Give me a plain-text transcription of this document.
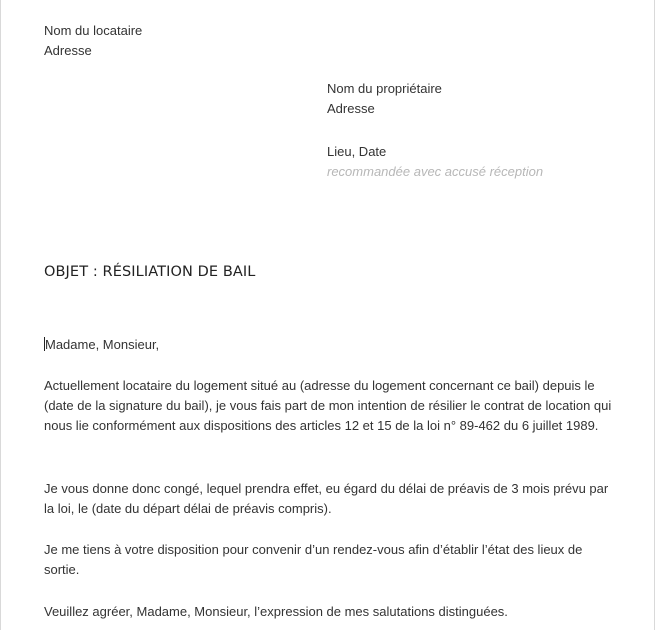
Nom du locataire
Adresse
Nom du propriétaire
Adresse
Lieu, Date
recommandée avec accusé réception
OBJET : RÉSILIATION DE BAIL
Madame, Monsieur,
Actuellement locataire du logement situé au (adresse du logement concernant ce bail) depuis le (date de la signature du bail), je vous fais part de mon intention de résilier le contrat de location qui nous lie conformément aux dispositions des articles 12 et 15 de la loi n° 89-462 du 6 juillet 1989.
Je vous donne donc congé, lequel prendra effet, eu égard du délai de préavis de 3 mois prévu par la loi, le (date du départ délai de préavis compris).
Je me tiens à votre disposition pour convenir d’un rendez-vous afin d’établir l’état des lieux de sortie.
Veuillez agréer, Madame, Monsieur, l’expression de mes salutations distinguées.
